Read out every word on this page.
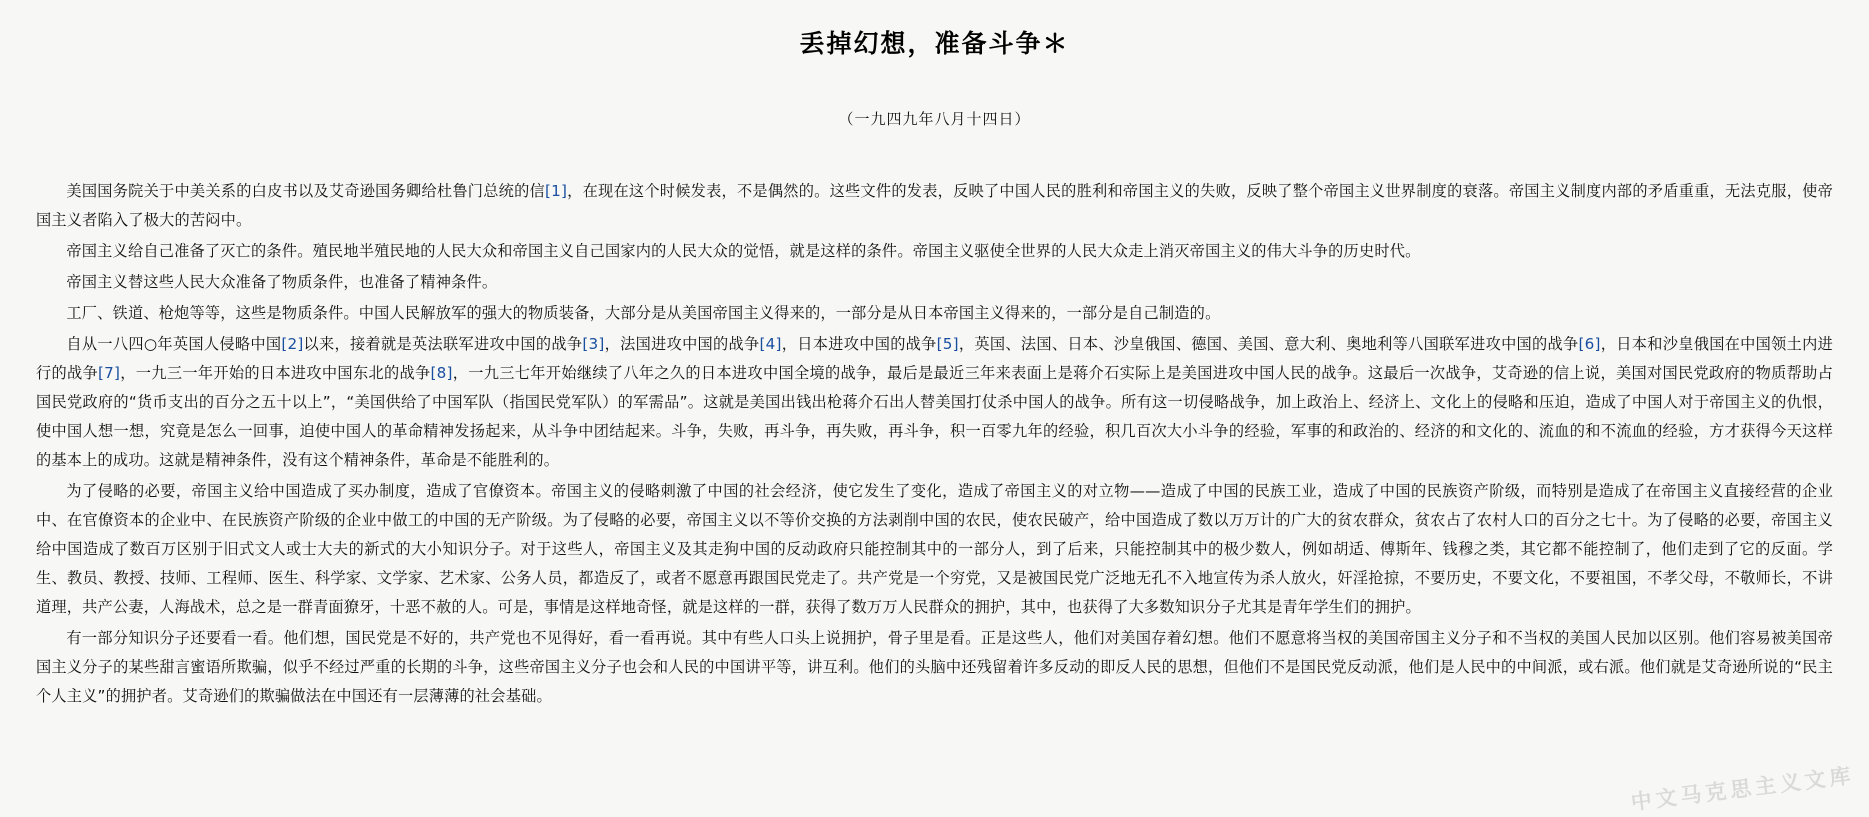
丢掉幻想，准备斗争＊
（一九四九年八月十四日）

美国国务院关于中美关系的白皮书以及艾奇逊国务卿给杜鲁门总统的信[1]，在现在这个时候发表，不是偶然的。这些文件的发表，反映了中国人民的胜利和帝国主义的失败，反映了整个帝国主义世界制度的衰落。帝国主义制度内部的矛盾重重，无法克服，使帝国主义者陷入了极大的苦闷中。

帝国主义给自己准备了灭亡的条件。殖民地半殖民地的人民大众和帝国主义自己国家内的人民大众的觉悟，就是这样的条件。帝国主义驱使全世界的人民大众走上消灭帝国主义的伟大斗争的历史时代。

帝国主义替这些人民大众准备了物质条件，也准备了精神条件。

工厂、铁道、枪炮等等，这些是物质条件。中国人民解放军的强大的物质装备，大部分是从美国帝国主义得来的，一部分是从日本帝国主义得来的，一部分是自己制造的。

自从一八四○年英国人侵略中国[2]以来，接着就是英法联军进攻中国的战争[3]，法国进攻中国的战争[4]，日本进攻中国的战争[5]，英国、法国、日本、沙皇俄国、德国、美国、意大利、奥地利等八国联军进攻中国的战争[6]，日本和沙皇俄国在中国领土内进行的战争[7]，一九三一年开始的日本进攻中国东北的战争[8]，一九三七年开始继续了八年之久的日本进攻中国全境的战争，最后是最近三年来表面上是蒋介石实际上是美国进攻中国人民的战争。这最后一次战争，艾奇逊的信上说，美国对国民党政府的物质帮助占国民党政府的“货币支出的百分之五十以上”，“美国供给了中国军队（指国民党军队）的军需品”。这就是美国出钱出枪蒋介石出人替美国打仗杀中国人的战争。所有这一切侵略战争，加上政治上、经济上、文化上的侵略和压迫，造成了中国人对于帝国主义的仇恨，使中国人想一想，究竟是怎么一回事，迫使中国人的革命精神发扬起来，从斗争中团结起来。斗争，失败，再斗争，再失败，再斗争，积一百零九年的经验，积几百次大小斗争的经验，军事的和政治的、经济的和文化的、流血的和不流血的经验，方才获得今天这样的基本上的成功。这就是精神条件，没有这个精神条件，革命是不能胜利的。

为了侵略的必要，帝国主义给中国造成了买办制度，造成了官僚资本。帝国主义的侵略刺激了中国的社会经济，使它发生了变化，造成了帝国主义的对立物——造成了中国的民族工业，造成了中国的民族资产阶级，而特别是造成了在帝国主义直接经营的企业中、在官僚资本的企业中、在民族资产阶级的企业中做工的中国的无产阶级。为了侵略的必要，帝国主义以不等价交换的方法剥削中国的农民，使农民破产，给中国造成了数以万万计的广大的贫农群众，贫农占了农村人口的百分之七十。为了侵略的必要，帝国主义给中国造成了数百万区别于旧式文人或士大夫的新式的大小知识分子。对于这些人，帝国主义及其走狗中国的反动政府只能控制其中的一部分人，到了后来，只能控制其中的极少数人，例如胡适、傅斯年、钱穆之类，其它都不能控制了，他们走到了它的反面。学生、教员、教授、技师、工程师、医生、科学家、文学家、艺术家、公务人员，都造反了，或者不愿意再跟国民党走了。共产党是一个穷党，又是被国民党广泛地无孔不入地宣传为杀人放火，奸淫抢掠，不要历史，不要文化，不要祖国，不孝父母，不敬师长，不讲道理，共产公妻，人海战术，总之是一群青面獠牙，十恶不赦的人。可是，事情是这样地奇怪，就是这样的一群，获得了数万万人民群众的拥护，其中，也获得了大多数知识分子尤其是青年学生们的拥护。

有一部分知识分子还要看一看。他们想，国民党是不好的，共产党也不见得好，看一看再说。其中有些人口头上说拥护，骨子里是看。正是这些人，他们对美国存着幻想。他们不愿意将当权的美国帝国主义分子和不当权的美国人民加以区别。他们容易被美国帝国主义分子的某些甜言蜜语所欺骗，似乎不经过严重的长期的斗争，这些帝国主义分子也会和人民的中国讲平等，讲互利。他们的头脑中还残留着许多反动的即反人民的思想，但他们不是国民党反动派，他们是人民中的中间派，或右派。他们就是艾奇逊所说的“民主个人主义”的拥护者。艾奇逊们的欺骗做法在中国还有一层薄薄的社会基础。

中文马克思主义文库
